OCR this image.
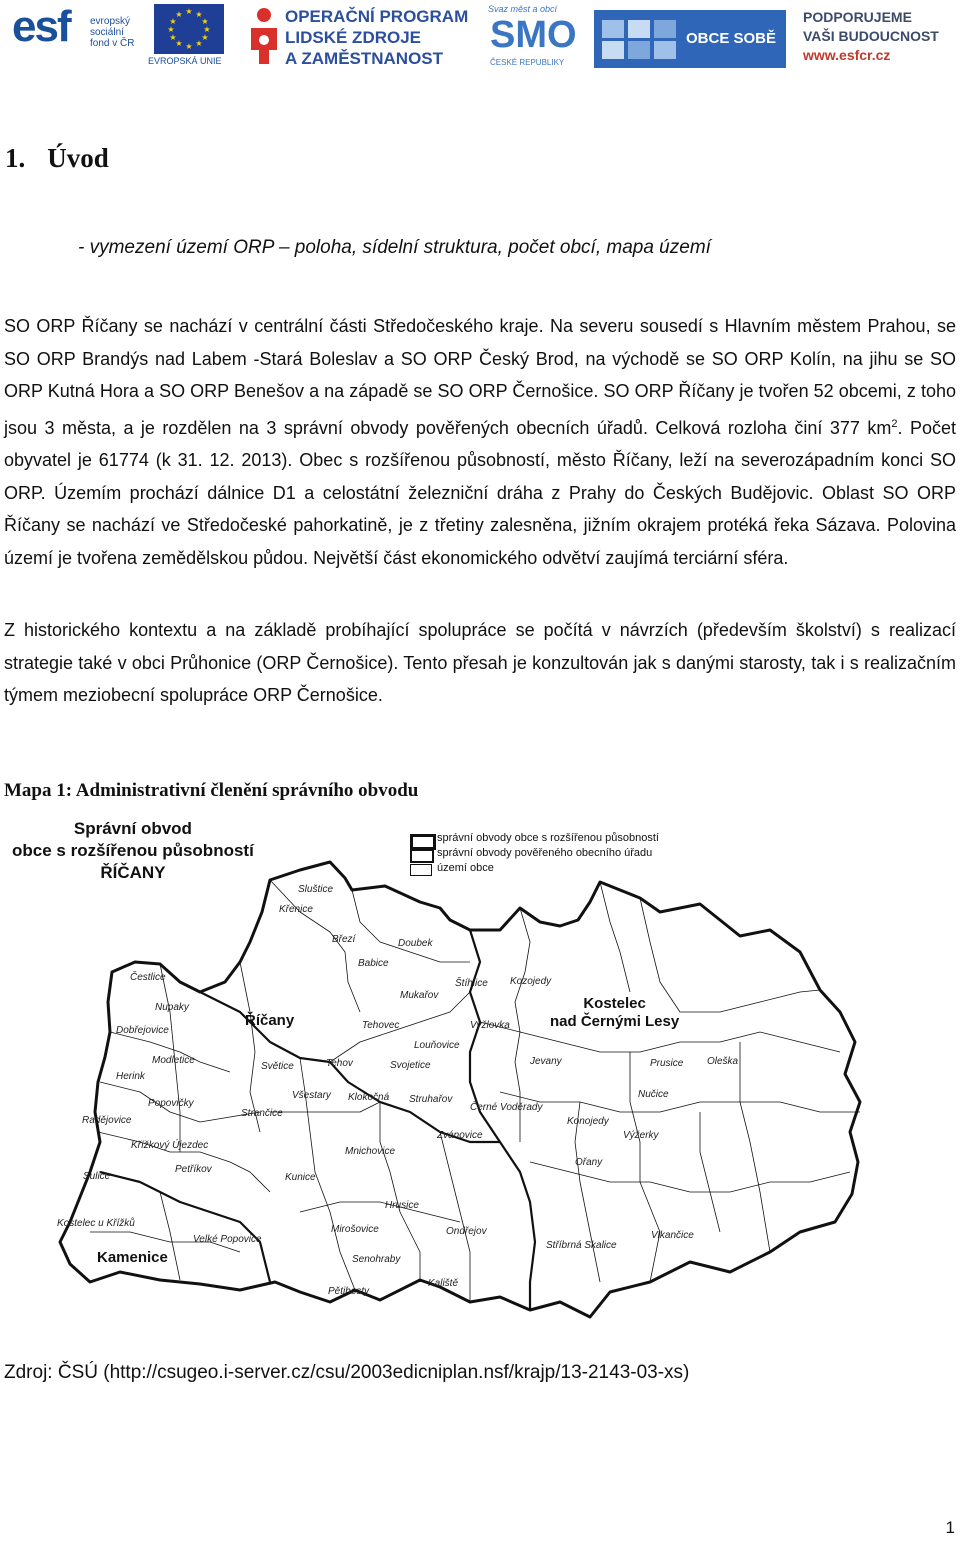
esf evropský
sociální
fond v ČR
★ ★
★
★
★
★
★
★
★
★
★
★
EVROPSKÁ UNIE
OPERAČNÍ PROGRAM
LIDSKÉ ZDROJE
A ZAMĚSTNANOST
Svaz měst a obcí
SMO
ČESKÉ REPUBLIKY
OBCE SOBĚ
PODPORUJEME
VAŠI BUDOUCNOST
www.esfcr.cz
1. Úvod
- vymezení území ORP – poloha, sídelní struktura, počet obcí, mapa území
SO ORP Říčany se nachází v centrální části Středočeského kraje. Na severu sousedí s Hlavním městem Prahou, se SO ORP Brandýs nad Labem -Stará Boleslav a SO ORP Český Brod, na východě se SO ORP Kolín, na jihu se SO ORP Kutná Hora a SO ORP Benešov a na západě se SO ORP Černošice. SO ORP Říčany je tvořen 52 obcemi, z toho jsou 3 města, a je rozdělen na 3 správní obvody pověřených obecních úřadů. Celková rozloha činí 377 $km^2$. Počet obyvatel je 61774 (k 31. 12. 2013). Obec s rozšířenou působností, město Říčany, leží na severozápadním konci SO ORP. Územím prochází dálnice D1 a celostátní železniční dráha z Prahy do Českých Budějovic. Oblast SO ORP Říčany se nachází ve Středočeské pahorkatině, je z třetiny zalesněna, jižním okrajem protéká řeka Sázava. Polovina území je tvořena zemědělskou půdou. Největší část ekonomického odvětví zaujímá terciární sféra.
Z historického kontextu a na základě probíhající spolupráce se počítá v návrzích (především školství) s realizací strategie také v obci Průhonice (ORP Černošice). Tento přesah je konzultován jak s danými starosty, tak i s realizačním týmem meziobecní spolupráce ORP Černošice.
Mapa 1: Administrativní členění správního obvodu
Správní obvod
obce s rozšířenou působností
ŘÍČANY
správní obvody obce s rozšířenou působností
správní obvody pověřeného obecního úřadu
území obce
Kostelec
nad Černými Lesy
Říčany
Kamenice
Sluštice
Křenice
Březí	Doubek
Babice
Štíhlice Kozojedy
Čestlice
Nupaky
Mukařov
Dobřejovice	Tehovec	Vyžlovka
Modletice
Louňovice
Herink
Světice	Tehov	Svojetice	Jevany	Prusice Oleška
Popovičky
Všestary Klokočná Struhařov	Nučice
Radějovice
Strančice
Černé Voděrady
Konojedy
Křížkový Újezdec
Zvánovice	Výžerky
Mnichovice
Sulice
Petříkov
Kunice
Ořany
Hrusice
Kostelec u Křížků
Velké Popovice
Mirošovice	Ondřejov
Stříbrná Skalice
Vlkančice
Senohraby
Kaliště
Pětihosty
Zdroj: ČSÚ (http://csugeo.i-server.cz/csu/2003edicniplan.nsf/krajp/13-2143-03-xs)
1
